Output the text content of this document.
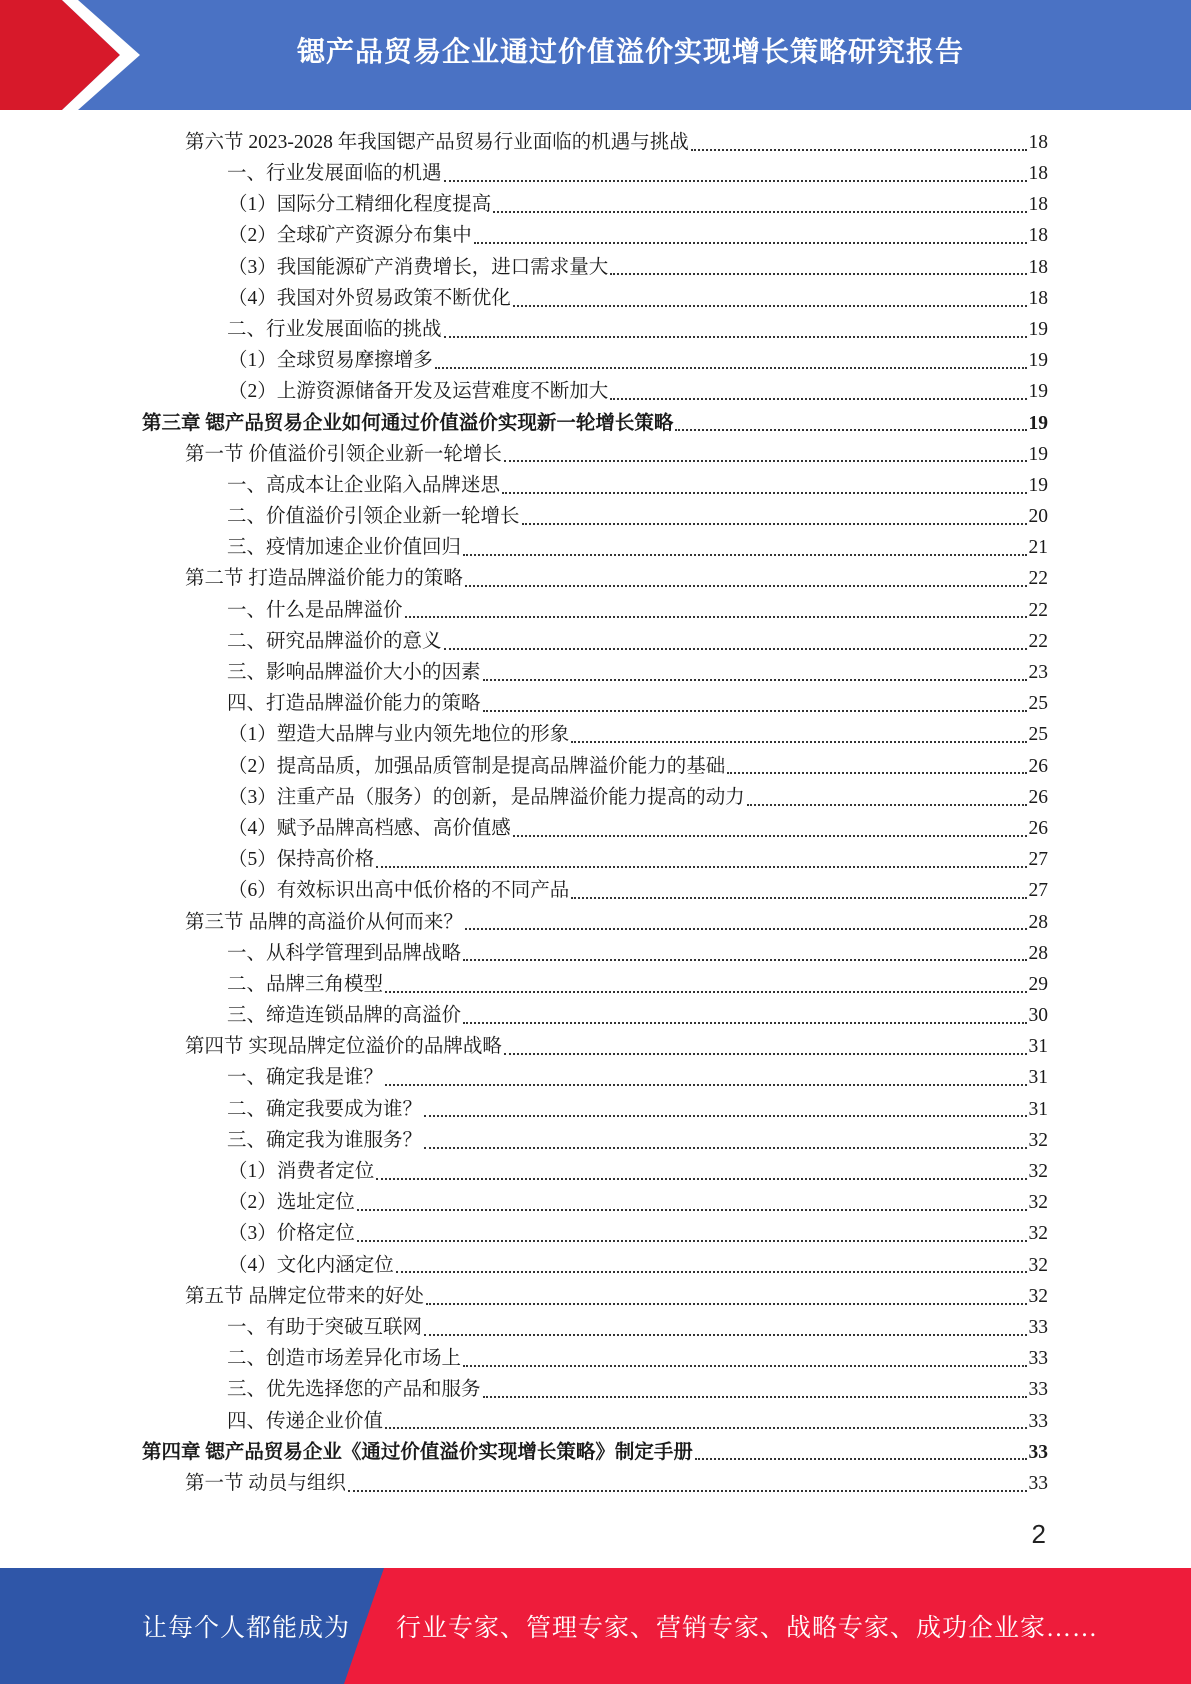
锶产品贸易企业通过价值溢价实现增长策略研究报告
第六节 2023-2028 年我国锶产品贸易行业面临的机遇与挑战	18
一、行业发展面临的机遇	18
（1）国际分工精细化程度提高	18
（2）全球矿产资源分布集中	18
（3）我国能源矿产消费增长，进口需求量大	18
（4）我国对外贸易政策不断优化	18
二、行业发展面临的挑战	19
（1）全球贸易摩擦增多	19
（2）上游资源储备开发及运营难度不断加大	19
第三章 锶产品贸易企业如何通过价值溢价实现新一轮增长策略	19
第一节 价值溢价引领企业新一轮增长	19
一、高成本让企业陷入品牌迷思	19
二、价值溢价引领企业新一轮增长	20
三、疫情加速企业价值回归	21
第二节 打造品牌溢价能力的策略	22
一、什么是品牌溢价	22
二、研究品牌溢价的意义	22
三、影响品牌溢价大小的因素	23
四、打造品牌溢价能力的策略	25
（1）塑造大品牌与业内领先地位的形象	25
（2）提高品质，加强品质管制是提高品牌溢价能力的基础	26
（3）注重产品（服务）的创新，是品牌溢价能力提高的动力	26
（4）赋予品牌高档感、高价值感	26
（5）保持高价格	27
（6）有效标识出高中低价格的不同产品	27
第三节 品牌的高溢价从何而来？	28
一、从科学管理到品牌战略	28
二、品牌三角模型	29
三、缔造连锁品牌的高溢价	30
第四节 实现品牌定位溢价的品牌战略	31
一、确定我是谁？	31
二、确定我要成为谁？	31
三、确定我为谁服务？	32
（1）消费者定位	32
（2）选址定位	32
（3）价格定位	32
（4）文化内涵定位	32
第五节 品牌定位带来的好处	32
一、有助于突破互联网	33
二、创造市场差异化市场上	33
三、优先选择您的产品和服务	33
四、传递企业价值	33
第四章 锶产品贸易企业《通过价值溢价实现增长策略》制定手册	33
第一节 动员与组织	33
2
让每个人都能成为 行业专家、管理专家、营销专家、战略专家、成功企业家……
